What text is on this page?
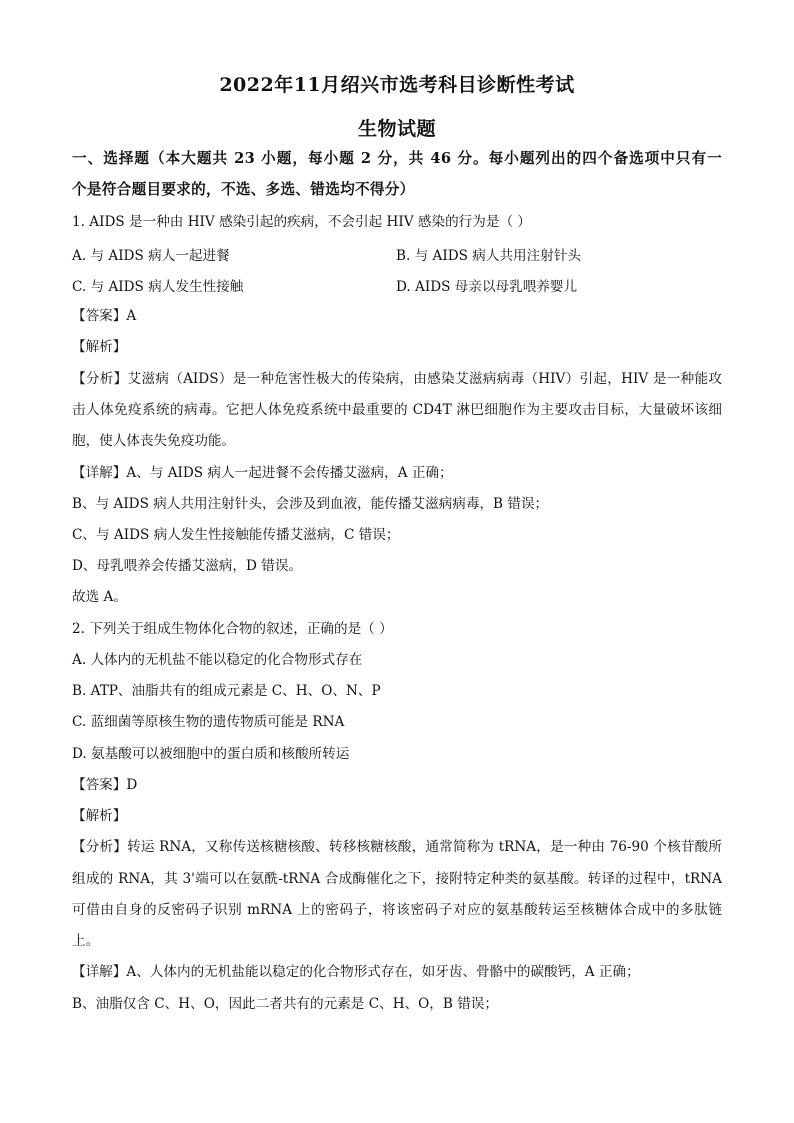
2022年11月绍兴市选考科目诊断性考试
生物试题
一、选择题（本大题共 23 小题，每小题 2 分，共 46 分。每小题列出的四个备选项中只有一
个是符合题目要求的，不选、多选、错选均不得分）
1. AIDS 是一种由 HIV 感染引起的疾病，不会引起 HIV 感染的行为是（ ）
A. 与 AIDS 病人一起进餐	B. 与 AIDS 病人共用注射针头
C. 与 AIDS 病人发生性接触	D. AIDS 母亲以母乳喂养婴儿
【答案】A
【解析】
【分析】艾滋病（AIDS）是一种危害性极大的传染病，由感染艾滋病病毒（HIV）引起，HIV 是一种能攻
击人体免疫系统的病毒。它把人体免疫系统中最重要的 CD4T 淋巴细胞作为主要攻击目标，大量破坏该细
胞，使人体丧失免疫功能。
【详解】A、与 AIDS 病人一起进餐不会传播艾滋病，A 正确；
B、与 AIDS 病人共用注射针头，会涉及到血液，能传播艾滋病病毒，B 错误；
C、与 AIDS 病人发生性接触能传播艾滋病，C 错误；
D、母乳喂养会传播艾滋病，D 错误。
故选 A。
2. 下列关于组成生物体化合物的叙述，正确的是（ ）
A. 人体内的无机盐不能以稳定的化合物形式存在
B. ATP、油脂共有的组成元素是 C、H、O、N、P
C. 蓝细菌等原核生物的遗传物质可能是 RNA
D. 氨基酸可以被细胞中的蛋白质和核酸所转运
【答案】D
【解析】
【分析】转运 RNA，又称传送核糖核酸、转移核糖核酸，通常简称为 tRNA，是一种由 76-90 个核苷酸所
组成的 RNA，其 3'端可以在氨酰-tRNA 合成酶催化之下，接附特定种类的氨基酸。转译的过程中，tRNA
可借由自身的反密码子识别 mRNA 上的密码子，将该密码子对应的氨基酸转运至核糖体合成中的多肽链
上。
【详解】A、人体内的无机盐能以稳定的化合物形式存在，如牙齿、骨骼中的碳酸钙，A 正确；
B、油脂仅含 C、H、O，因此二者共有的元素是 C、H、O，B 错误；
